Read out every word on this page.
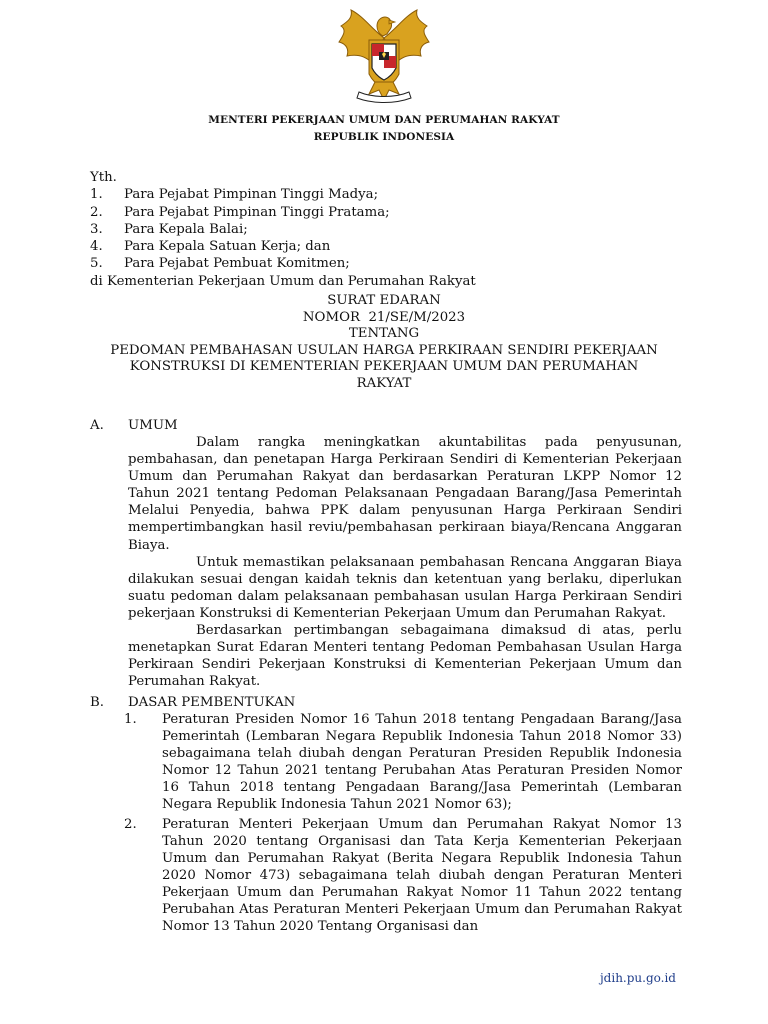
MENTERI PEKERJAAN UMUM DAN PERUMAHAN RAKYAT
REPUBLIK INDONESIA
Yth.
1.	Para Pejabat Pimpinan Tinggi Madya;
2.	Para Pejabat Pimpinan Tinggi Pratama;
3.	Para Kepala Balai;
4.	Para Kepala Satuan Kerja; dan
5.	Para Pejabat Pembuat Komitmen;
di Kementerian Pekerjaan Umum dan Perumahan Rakyat
SURAT EDARAN
NOMOR  21/SE/M/2023
TENTANG
PEDOMAN PEMBAHASAN USULAN HARGA PERKIRAAN SENDIRI PEKERJAAN
KONSTRUKSI DI KEMENTERIAN PEKERJAAN UMUM DAN PERUMAHAN
RAKYAT
A.	UMUM

Dalam rangka meningkatkan akuntabilitas pada penyusunan, pembahasan, dan penetapan Harga Perkiraan Sendiri di Kementerian Pekerjaan Umum dan Perumahan Rakyat dan berdasarkan Peraturan LKPP Nomor 12 Tahun 2021 tentang Pedoman Pelaksanaan Pengadaan Barang/Jasa Pemerintah Melalui Penyedia, bahwa PPK dalam penyusunan Harga Perkiraan Sendiri mempertimbangkan hasil reviu/pembahasan perkiraan biaya/Rencana Anggaran Biaya.

Untuk memastikan pelaksanaan pembahasan Rencana Anggaran Biaya dilakukan sesuai dengan kaidah teknis dan ketentuan yang berlaku, diperlukan suatu pedoman dalam pelaksanaan pembahasan usulan Harga Perkiraan Sendiri pekerjaan Konstruksi di Kementerian Pekerjaan Umum dan Perumahan Rakyat.

Berdasarkan pertimbangan sebagaimana dimaksud di atas, perlu menetapkan Surat Edaran Menteri tentang Pedoman Pembahasan Usulan Harga Perkiraan Sendiri Pekerjaan Konstruksi di Kementerian Pekerjaan Umum dan Perumahan Rakyat.

B.	DASAR PEMBENTUKAN
1.	Peraturan Presiden Nomor 16 Tahun 2018 tentang Pengadaan Barang/Jasa Pemerintah (Lembaran Negara Republik Indonesia Tahun 2018 Nomor 33) sebagaimana telah diubah dengan Peraturan Presiden Republik Indonesia Nomor 12 Tahun 2021 tentang Perubahan Atas Peraturan Presiden Nomor 16 Tahun 2018 tentang Pengadaan Barang/Jasa Pemerintah (Lembaran Negara Republik Indonesia Tahun 2021 Nomor 63);
2.	Peraturan Menteri Pekerjaan Umum dan Perumahan Rakyat Nomor 13 Tahun 2020 tentang Organisasi dan Tata Kerja Kementerian Pekerjaan Umum dan Perumahan Rakyat (Berita Negara Republik Indonesia Tahun 2020 Nomor 473) sebagaimana telah diubah dengan Peraturan Menteri Pekerjaan Umum dan Perumahan Rakyat Nomor 11 Tahun 2022 tentang Perubahan Atas Peraturan Menteri Pekerjaan Umum dan Perumahan Rakyat Nomor 13 Tahun 2020 Tentang Organisasi dan
jdih.pu.go.id
